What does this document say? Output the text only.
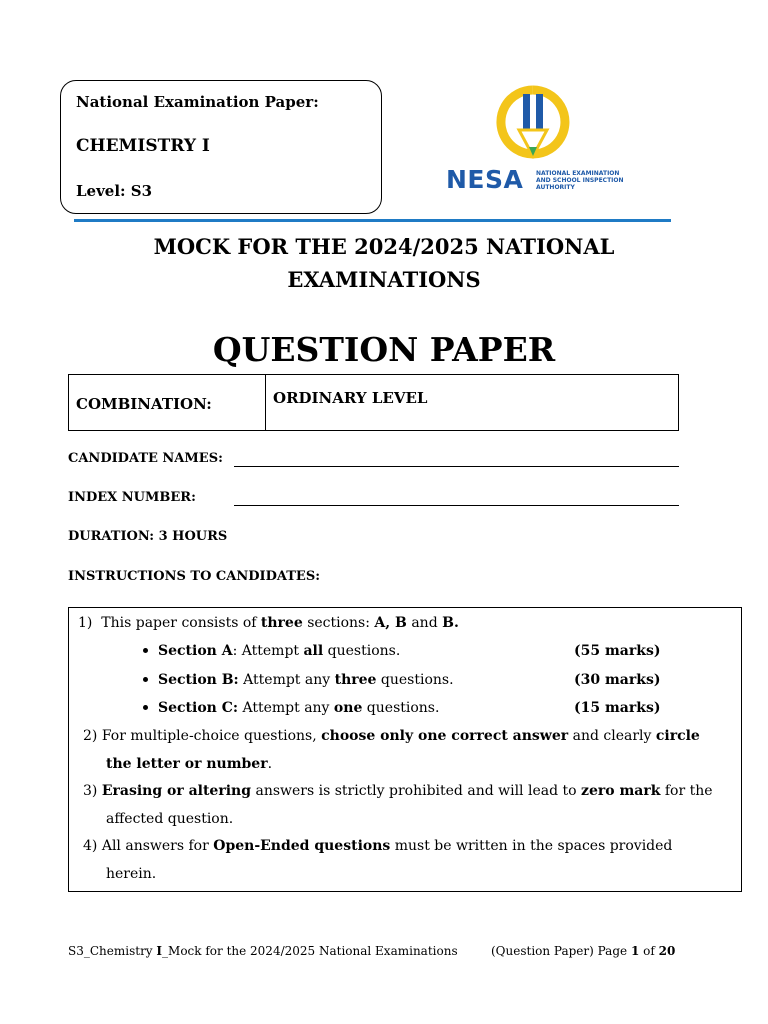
National Examination Paper:
CHEMISTRY I
Level: S3	NESA NATIONAL EXAMINATION
AND SCHOOL INSPECTION
AUTHORITY
MOCK FOR THE 2024/2025 NATIONAL
EXAMINATIONS
QUESTION PAPER
COMBINATION:	ORDINARY LEVEL
CANDIDATE NAMES:
INDEX NUMBER:
DURATION: 3 HOURS
INSTRUCTIONS TO CANDIDATES:
1) This paper consists of three sections: A, B and B.
Section A: Attempt all questions.	(55 marks)
Section B: Attempt any three questions.	(30 marks)
Section C: Attempt any one questions.	(15 marks)
2) For multiple-choice questions, choose only one correct answer and clearly circle
the letter or number.
3) Erasing or altering answers is strictly prohibited and will lead to zero mark for the
affected question.
4) All answers for Open-Ended questions must be written in the spaces provided
herein.
S3_Chemistry I_Mock for the 2024/2025 National Examinations	(Question Paper) Page 1 of 20
